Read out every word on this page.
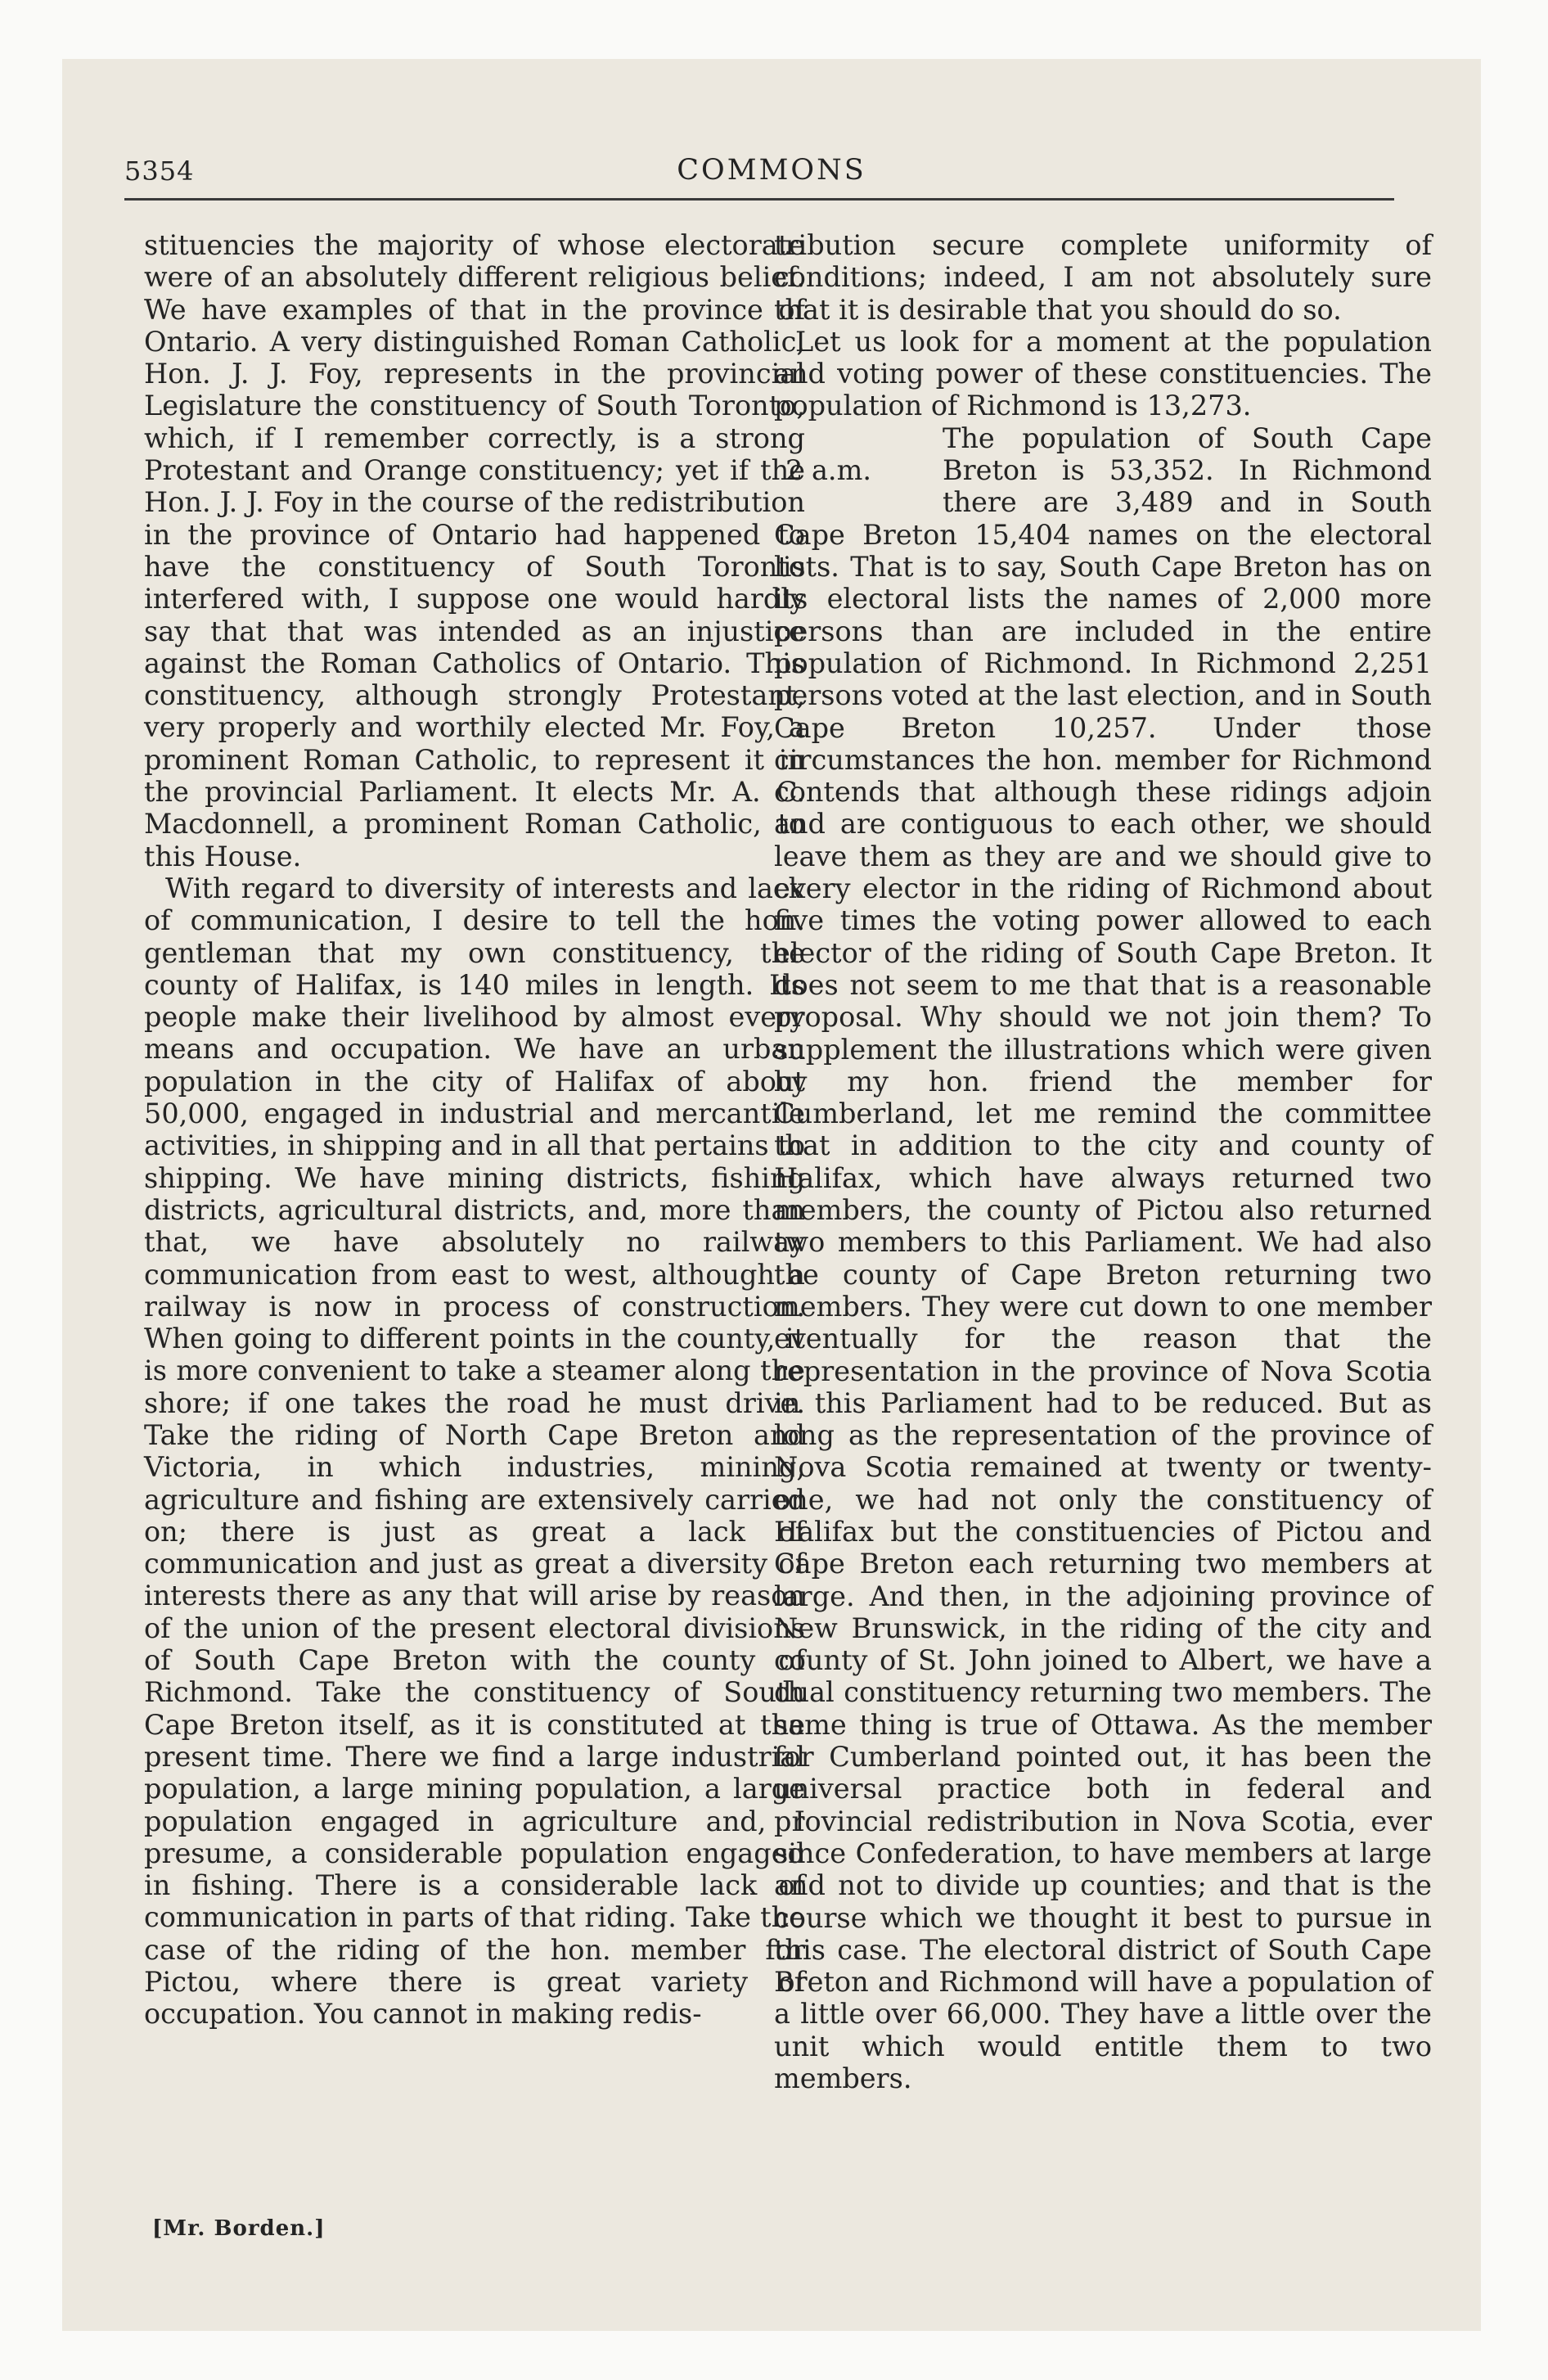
5354	COMMONS

stituencies the majority of whose electorate were of an absolutely different religious belief. We have examples of that in the province of Ontario. A very distinguished Roman Catholic, Hon. J. J. Foy, represents in the provincial Legislature the constituency of South Toronto, which, if I remember correctly, is a strong Protestant and Orange constituency; yet if the Hon. J. J. Foy in the course of the redistribution in the province of Ontario had happened to have the constituency of South Toronto interfered with, I suppose one would hardly say that that was intended as an injustice against the Roman Catholics of Ontario. This constituency, although strongly Protestant, very properly and worthily elected Mr. Foy, a prominent Roman Catholic, to represent it in the provincial Parliament. It elects Mr. A. C. Macdonnell, a prominent Roman Catholic, to this House.

With regard to diversity of interests and lack of communication, I desire to tell the hon. gentleman that my own constituency, the county of Halifax, is 140 miles in length. Its people make their livelihood by almost every means and occupation. We have an urban population in the city of Halifax of about 50,000, engaged in industrial and mercantile activities, in shipping and in all that pertains to shipping. We have mining districts, fishing districts, agricultural districts, and, more than that, we have absolutely no railway communication from east to west, although a railway is now in process of construction. When going to different points in the county, it is more convenient to take a steamer along the shore; if one takes the road he must drive. Take the riding of North Cape Breton and Victoria, in which industries, mining, agriculture and fishing are extensively carried on; there is just as great a lack of communication and just as great a diversity of interests there as any that will arise by reason of the union of the present electoral divisions of South Cape Breton with the county of Richmond. Take the constituency of South Cape Breton itself, as it is constituted at the present time. There we find a large industrial population, a large mining population, a large population engaged in agriculture and, I presume, a considerable population engaged in fishing. There is a considerable lack of communication in parts of that riding. Take the case of the riding of the hon. member for Pictou, where there is great variety of occupation. You cannot in making redis-

tribution secure complete uniformity of conditions; indeed, I am not absolutely sure that it is desirable that you should do so.

Let us look for a moment at the population and voting power of these constituencies. The population of Richmond is 13,273.

The population of South Cape
2 a.m.	Breton is 53,352. In Richmond
there are 3,489 and in South

Cape Breton 15,404 names on the electoral lists. That is to say, South Cape Breton has on its electoral lists the names of 2,000 more persons than are included in the entire population of Richmond. In Richmond 2,251 persons voted at the last election, and in South Cape Breton 10,257. Under those circumstances the hon. member for Richmond contends that although these ridings adjoin and are contiguous to each other, we should leave them as they are and we should give to every elector in the riding of Richmond about five times the voting power allowed to each elector of the riding of South Cape Breton. It does not seem to me that that is a reasonable proposal. Why should we not join them? To supplement the illustrations which were given by my hon. friend the member for Cumberland, let me remind the committee that in addition to the city and county of Halifax, which have always returned two members, the county of Pictou also returned two members to this Parliament. We had also the county of Cape Breton returning two members. They were cut down to one member eventually for the reason that the representation in the province of Nova Scotia in this Parliament had to be reduced. But as long as the representation of the province of Nova Scotia remained at twenty or twenty-one, we had not only the constituency of Halifax but the constituencies of Pictou and Cape Breton each returning two members at large. And then, in the adjoining province of New Brunswick, in the riding of the city and county of St. John joined to Albert, we have a dual constituency returning two members. The same thing is true of Ottawa. As the member for Cumberland pointed out, it has been the universal practice both in federal and provincial redistribution in Nova Scotia, ever since Confederation, to have members at large and not to divide up counties; and that is the course which we thought it best to pursue in this case. The electoral district of South Cape Breton and Richmond will have a population of a little over 66,000. They have a little over the unit which would entitle them to two members.

[Mr. Borden.]
